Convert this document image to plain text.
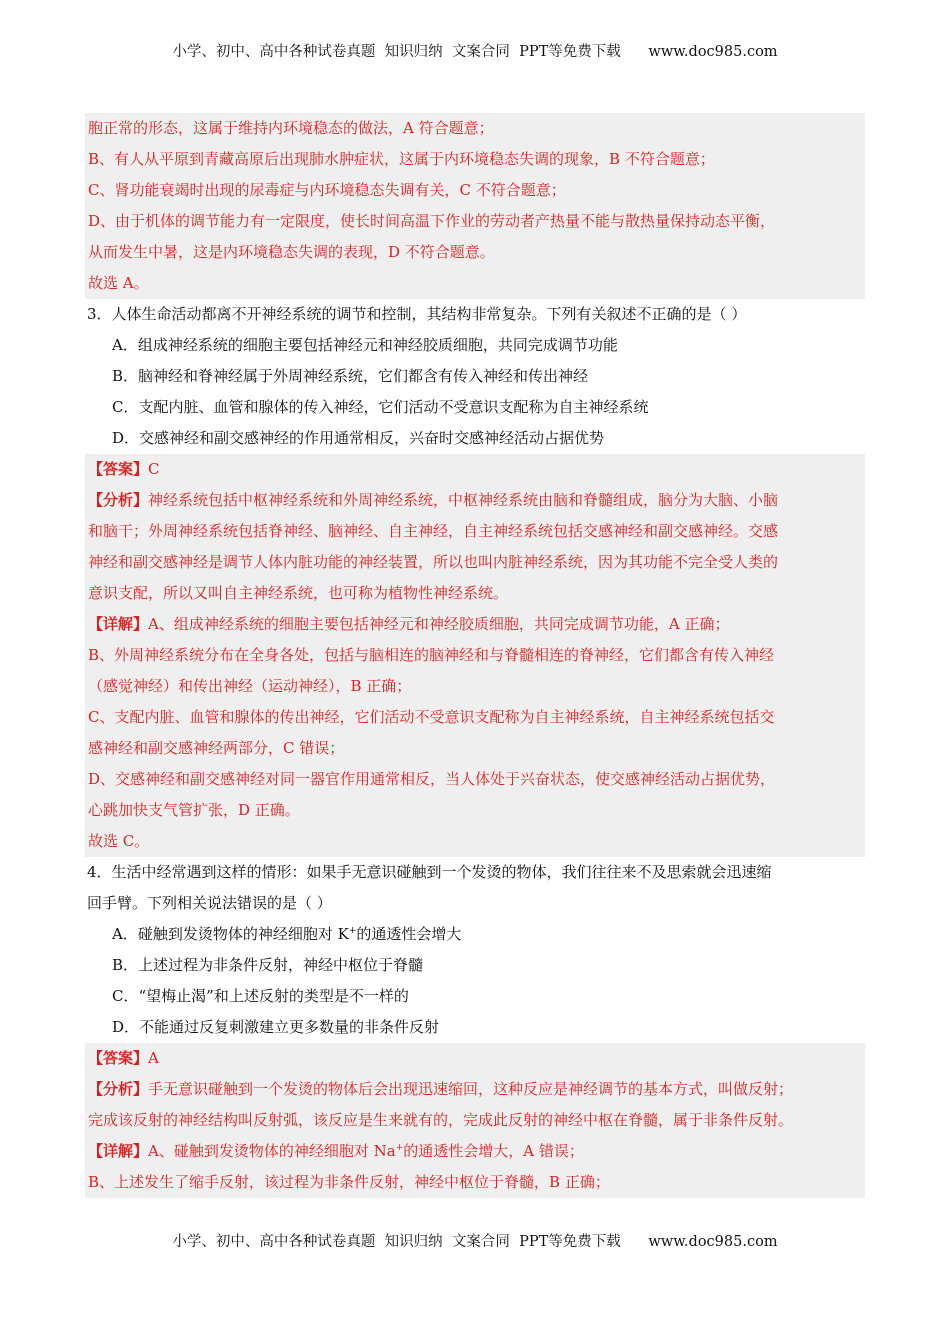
小学、初中、高中各种试卷真题  知识归纳  文案合同  PPT等免费下载      www.doc985.com
胞正常的形态，这属于维持内环境稳态的做法，A 符合题意；
B、有人从平原到青藏高原后出现肺水肿症状，这属于内环境稳态失调的现象，B 不符合题意；
C、肾功能衰竭时出现的尿毒症与内环境稳态失调有关，C 不符合题意；
D、由于机体的调节能力有一定限度，使长时间高温下作业的劳动者产热量不能与散热量保持动态平衡，
从而发生中暑，这是内环境稳态失调的表现，D 不符合题意。
故选 A。
3．人体生命活动都离不开神经系统的调节和控制，其结构非常复杂。下列有关叙述不正确的是（ ）
A．组成神经系统的细胞主要包括神经元和神经胶质细胞，共同完成调节功能
B．脑神经和脊神经属于外周神经系统，它们都含有传入神经和传出神经
C．支配内脏、血管和腺体的传入神经，它们活动不受意识支配称为自主神经系统
D．交感神经和副交感神经的作用通常相反，兴奋时交感神经活动占据优势
【答案】C
【分析】神经系统包括中枢神经系统和外周神经系统，中枢神经系统由脑和脊髓组成，脑分为大脑、小脑
和脑干；外周神经系统包括脊神经、脑神经、自主神经，自主神经系统包括交感神经和副交感神经。交感
神经和副交感神经是调节人体内脏功能的神经装置，所以也叫内脏神经系统，因为其功能不完全受人类的
意识支配，所以又叫自主神经系统，也可称为植物性神经系统。
【详解】A、组成神经系统的细胞主要包括神经元和神经胶质细胞，共同完成调节功能，A 正确；
B、外周神经系统分布在全身各处，包括与脑相连的脑神经和与脊髓相连的脊神经，它们都含有传入神经
（感觉神经）和传出神经（运动神经），B 正确；
C、支配内脏、血管和腺体的传出神经，它们活动不受意识支配称为自主神经系统，自主神经系统包括交
感神经和副交感神经两部分，C 错误；
D、交感神经和副交感神经对同一器官作用通常相反，当人体处于兴奋状态，使交感神经活动占据优势，
心跳加快支气管扩张，D 正确。
故选 C。
4．生活中经常遇到这样的情形：如果手无意识碰触到一个发烫的物体，我们往往来不及思索就会迅速缩
回手臂。下列相关说法错误的是（ ）
A．碰触到发烫物体的神经细胞对 K+的通透性会增大
B．上述过程为非条件反射，神经中枢位于脊髓
C．“望梅止渴”和上述反射的类型是不一样的
D．不能通过反复刺激建立更多数量的非条件反射
【答案】A
【分析】手无意识碰触到一个发烫的物体后会出现迅速缩回，这种反应是神经调节的基本方式，叫做反射；
完成该反射的神经结构叫反射弧，该反应是生来就有的，完成此反射的神经中枢在脊髓，属于非条件反射。
【详解】A、碰触到发烫物体的神经细胞对 Na+的通透性会增大，A 错误；
B、上述发生了缩手反射，该过程为非条件反射，神经中枢位于脊髓，B 正确；
小学、初中、高中各种试卷真题  知识归纳  文案合同  PPT等免费下载      www.doc985.com
